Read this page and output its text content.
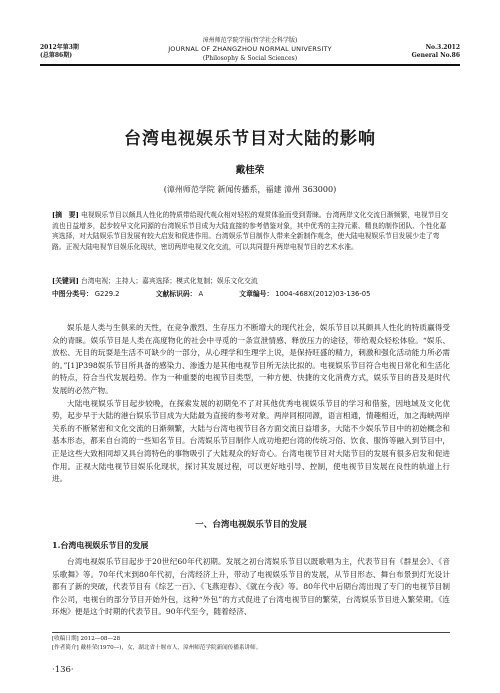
2012年第3期
(总第86期)
漳州师范学院学报(哲学社会科学版)
JOURNAL OF ZHANGZHOU NORMAL UNIVERSITY
(Philosophy & Social Sciences)
No.3.2012
General No.86
台湾电视娱乐节目对大陆的影响
戴桂荣
(漳州师范学院 新闻传播系，福建 漳州 363000)
[摘　要] 电视娱乐节目以颇具人性化的特质带给现代观众相对轻松的观赏体验而受到青睐。台湾两岸文化交流日渐频繁，电视节目交流也日益增多，起步较早文化同源的台湾娱乐节目成为大陆直接的参考借鉴对象，其中优秀的主持元素、精良的制作团队、个性化嘉宾选择，对大陆娱乐节目发展有较大启发和促进作用。台湾娱乐节目制作人带来全新制作观念，使大陆电视娱乐节目发展少走了弯路。正视大陆电视节目娱乐化现状，密切两岸电视文化交流，可以共同提升两岸电视节目的艺术水准。
[关键词] 台湾电视；主持人；嘉宾选择；模式化复制；娱乐文化交流
中图分类号： G229.2	文献标识码： A	文章编号： 1004-468X(2012)03-136-05

娱乐是人类与生俱来的天性，在竞争激烈、生存压力不断增大的现代社会，娱乐节目以其颇具人性化的特质赢得受众的青睐。娱乐节目是人类在高度物化的社会中寻觅的一条宣泄情感、释放压力的途径，带给观众轻松体验。“娱乐、放松、无目的玩耍是生活不可缺少的一部分，从心理学和生理学上说，是保持旺盛的精力，刺激和强化活动能力所必需的。”[1]P398娱乐节目所具备的感染力、渗透力是其他电视节目所无法比拟的。电视娱乐节目符合电视日常化和生活化的特点，符合当代发展趋势。作为一种重要的电视节目类型，一种方便、快捷的文化消费方式，娱乐节目的普及是时代发展的必然产物。

大陆电视娱乐节目起步较晚，在探索发展的初期免不了对其他优秀电视娱乐节目的学习和借鉴，因地域及文化优势，起步早于大陆的港台娱乐节目成为大陆最为直接的参考对象。两岸同根同源，语言相通，情趣相近，加之海峡两岸关系的不断紧密和文化交流的日渐频繁，大陆与台湾电视节目各方面交流日益增多，大陆不少娱乐节目中的初始概念和基本形态，都来自台湾的一些知名节目。台湾娱乐节目制作人成功地把台湾的传统习俗、饮食、服饰等融入到节目中，正是这些大致相同却又具台湾特色的事物吸引了大陆观众的好奇心。台湾电视节目对大陆节目的发展有很多启发和促进作用。正视大陆电视节目娱乐化现状，探讨其发展过程，可以更好地引导、控制，使电视节目发展在良性的轨道上行进。

一、台湾电视娱乐节目的发展
1.台湾电视娱乐节目的发展

台湾电视娱乐节目起步于20世纪60年代初期。发展之初台湾娱乐节目以既歌唱为主，代表节目有《群星会》、《音乐歌舞》等。70年代末到80年代初，台湾经济上升，带动了电视娱乐节目的发展，从节目形态、舞台布景到灯光设计都有了新的突破，代表节目有《综艺一百》、《飞燕迎春》、《就在今夜》等。80年代中后期台湾出现了专门的电视节目制作公司，电视台的部分节目开始外包，这种“外包”的方式促进了台湾电视节目的繁荣，台湾娱乐节目进入繁荣期。《连环炮》便是这个时期的代表节目。90年代至今，随着经济、

[收稿日期] 2012—08—28
[作者简介] 戴桂荣(1970—)，女，湖北省十堰市人，漳州师范学院新闻传播系讲师。
·136·
